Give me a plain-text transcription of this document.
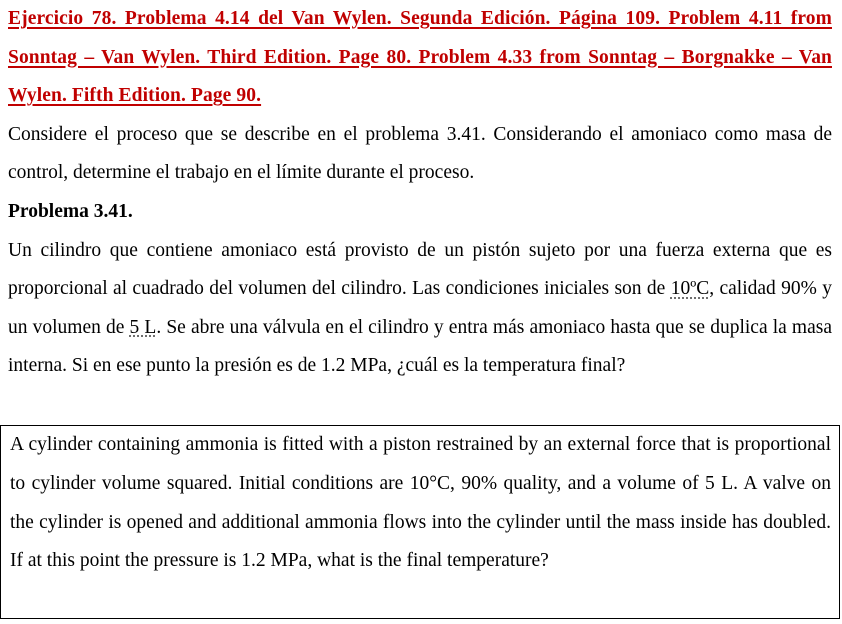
Ejercicio 78. Problema 4.14 del Van Wylen. Segunda Edición. Página 109. Problem 4.11 from Sonntag – Van Wylen. Third Edition. Page 80. Problem 4.33 from Sonntag – Borgnakke – Van Wylen. Fifth Edition. Page 90.

Considere el proceso que se describe en el problema 3.41. Considerando el amoniaco como masa de control, determine el trabajo en el límite durante el proceso.

Problema 3.41.

Un cilindro que contiene amoniaco está provisto de un pistón sujeto por una fuerza externa que es proporcional al cuadrado del volumen del cilindro. Las condiciones iniciales son de 10ºC, calidad 90% y un volumen de 5 L. Se abre una válvula en el cilindro y entra más amoniaco hasta que se duplica la masa interna. Si en ese punto la presión es de 1.2 MPa, ¿cuál es la temperatura final?

A cylinder containing ammonia is fitted with a piston restrained by an external force that is proportional to cylinder volume squared. Initial conditions are 10°C, 90% quality, and a volume of 5 L. A valve on the cylinder is opened and additional ammonia flows into the cylinder until the mass inside has doubled. If at this point the pressure is 1.2 MPa, what is the final temperature?
